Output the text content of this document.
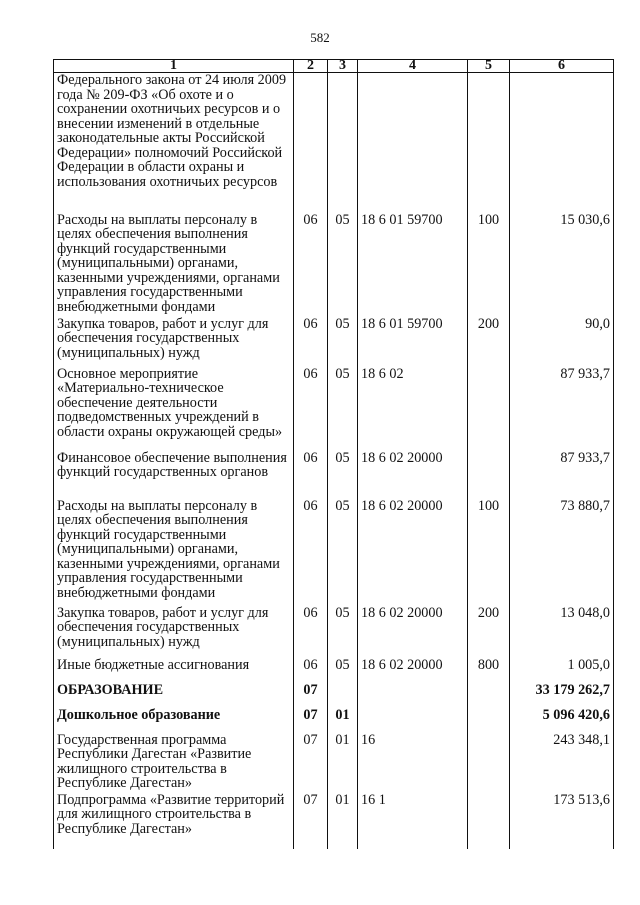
582
1	2	3	4	5	6
Федерального закона от 24 июля 2009 года № 209-ФЗ «Об охоте и о сохранении охотничьих ресурсов и о внесении изменений в отдельные законодательные акты Российской Федерации» полномочий Российской Федерации в области охраны и использования охотничьих ресурсов					
Расходы на выплаты персоналу в целях обеспечения выполнения функций государственными (муниципальными) органами, казенными учреждениями, органами управления государственными внебюджетными фондами	06	05	18 6 01 59700	100	15 030,6
Закупка товаров, работ и услуг для обеспечения государственных (муниципальных) нужд	06	05	18 6 01 59700	200	90,0
Основное мероприятие «Материально-техническое обеспечение деятельности подведомственных учреждений в области охраны окружающей среды»	06	05	18 6 02		87 933,7
Финансовое обеспечение выполнения функций государственных органов	06	05	18 6 02 20000		87 933,7
Расходы на выплаты персоналу в целях обеспечения выполнения функций государственными (муниципальными) органами, казенными учреждениями, органами управления государственными внебюджетными фондами	06	05	18 6 02 20000	100	73 880,7
Закупка товаров, работ и услуг для обеспечения государственных (муниципальных) нужд	06	05	18 6 02 20000	200	13 048,0
Иные бюджетные ассигнования	06	05	18 6 02 20000	800	1 005,0
ОБРАЗОВАНИЕ	07				33 179 262,7
Дошкольное образование	07	01			5 096 420,6
Государственная программа Республики Дагестан «Развитие жилищного строительства в Республике Дагестан»	07	01	16		243 348,1
Подпрограмма «Развитие территорий для жилищного строительства в Республике Дагестан»	07	01	16 1		173 513,6
